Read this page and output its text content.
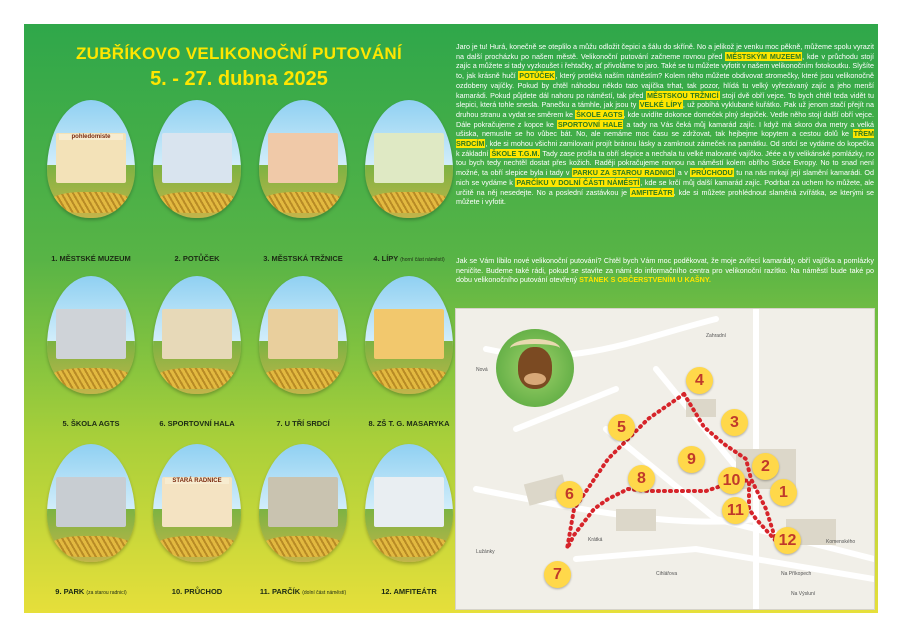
ZUBŘÍKOVO VELIKONOČNÍ PUTOVÁNÍ
5. - 27. dubna 2025
pohledomiste

1. MĚSTSKÉ MUZEUM	2. POTŮČEK	3. MĚSTSKÁ TRŽNICE	4. LÍPY (horní část náměstí)

5. ŠKOLA AGTS	6. SPORTOVNÍ HALA	7. U TŘÍ SRDCÍ	8. ZŠ T. G. MASARYKA

9. PARK (za starou radnicí)

STARÁ RADNICE

10. PRŮCHOD	11. PARČÍK (dolní část náměstí)	12. AMFITEÁTR

Jaro je tu! Hurá, konečně se oteplilo a můžu odložit čepici a šálu do skříně. No a jelikož je venku moc pěkně, můžeme spolu vyrazit na další procházku po našem městě. Velikonoční putování začneme rovnou před MĚSTSKÝM MUZEEM, kde v průchodu stojí zajíc a můžete si tady vyzkoušet i řehtačky, ať přivoláme to jaro. Také se tu můžete vyfotit v našem velikonočním fotokoutku. Slyšíte to, jak krásně hučí POTŮČEK, který protéká naším náměstím? Kolem něho můžete obdivovat stromečky, které jsou velikonočně ozdobeny vajíčky. Pokud by chtěl náhodou někdo tato vajíčka trhat, tak pozor, hlídá tu velký vyřezávaný zajíc a jeho menší kamarádi. Pokud půjdete dál nahoru po náměstí, tak před MĚSTSKOU TRŽNICÍ stojí dvě obří vejce. To bych chtěl teda vidět tu slepici, která tohle snesla. Panečku a támhle, jak jsou ty VELKÉ LÍPY, už pobíhá vyklubané kuřátko. Pak už jenom stačí přejít na druhou stranu a vydat se směrem ke ŠKOLE AGTS, kde uvidíte dokonce domeček plný slepiček. Vedle něho stojí další obří vejce. Dále pokračujeme z kopce ke SPORTOVNÍ HALE a tady na Vás čeká můj kamarád zajíc. I když má skoro dva metry a velká ušiska, nemusíte se ho vůbec bát. No, ale nemáme moc času se zdržovat, tak hejbejme kopytem a cestou dolů ke TŘEM SRDCÍM, kde si mohou všichni zamilovaní projít bránou lásky a zamknout zámeček na památku. Od srdcí se vydáme do kopečka k základní ŠKOLE T.G.M. Tady zase prošla ta obří slepice a nechala tu velké malované vajíčko. Jéée a ty velikánské pomlázky, no tou bych tedy nechtěl dostat přes kožich. Raději pokračujeme rovnou na náměstí kolem obřího Srdce Evropy. No to snad není možné, ta obří slepice byla i tady v PARKU ZA STAROU RADNICÍ a v PRŮCHODU tu na nás mrkají její slamění kamarádi. Od nich se vydáme k PARČÍKU V DOLNÍ ČÁSTI NÁMĚSTÍ, kde se krčí můj další kamarád zajíc. Podrbat za uchem ho můžete, ale určitě na něj nesedejte. No a poslední zastávkou je AMFITEÁTR, kde si můžete prohlédnout slaměná zvířátka, se kterými se můžete i vyfotit.

Jak se Vám líbilo nové velikonoční putování? Chtěl bych Vám moc poděkovat, že moje zvířecí kamarády, obří vajíčka a pomlázky neničíte. Budeme také rádi, pokud se stavíte za námi do informačního centra pro velikonoční razítko. Na náměstí bude také po dobu velikonočního putování otevřený STÁNEK S OBČERSTVENÍM U KAŠNY.

Nová
Zahradní
Lužánky
Krátká
Cihlářova	Na Příkopech
Na Výsluní
Komenského
1
2
3
4
5
6
7
8
9
10
11
12
